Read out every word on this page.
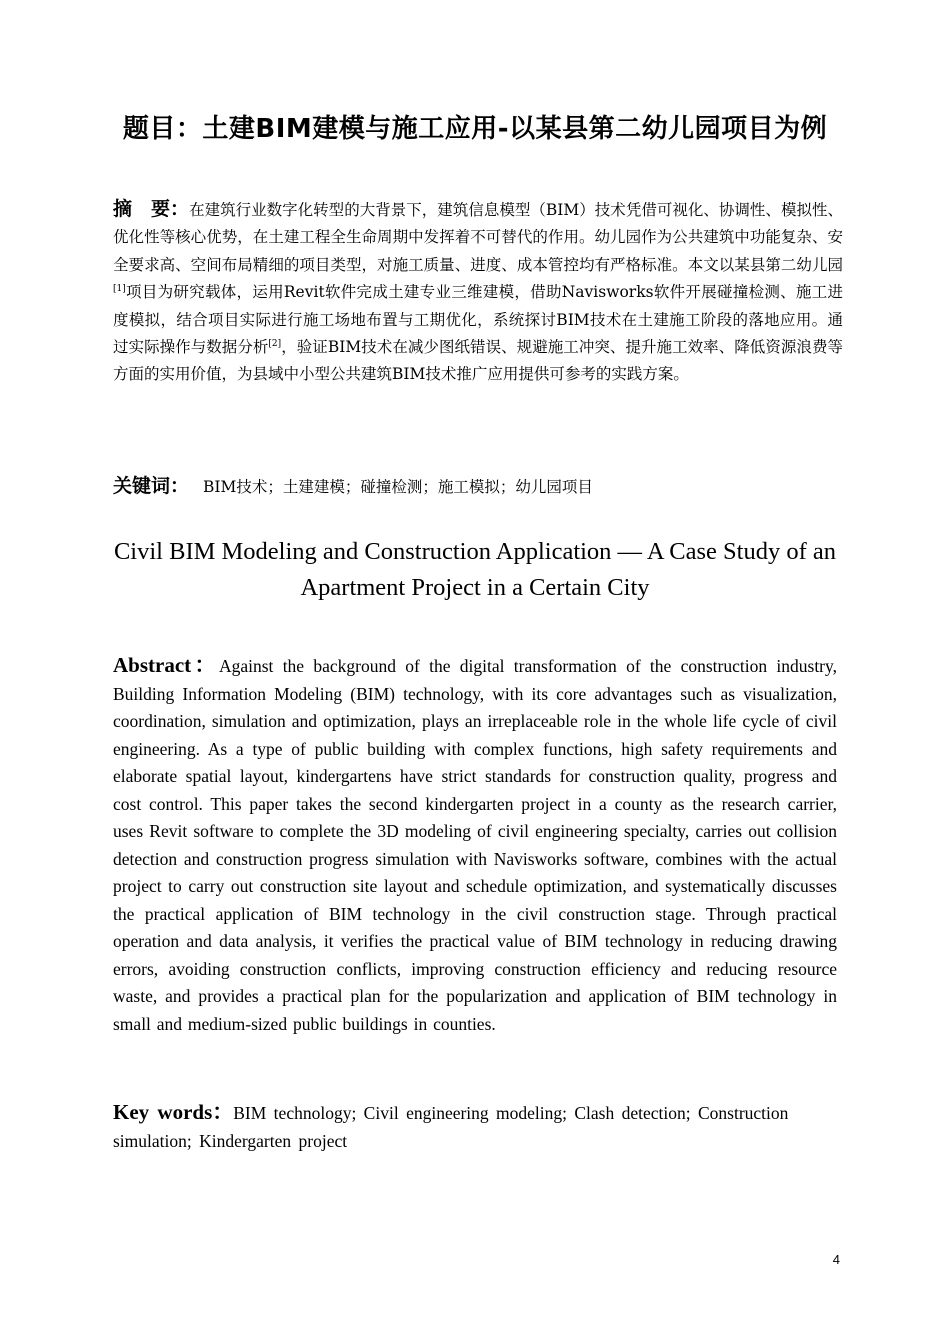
题目：土建BIM建模与施工应用-以某县第二幼儿园项目为例
摘　要：在建筑行业数字化转型的大背景下，建筑信息模型（BIM）技术凭借可视化、协调性、模拟性、优化性等核心优势，在土建工程全生命周期中发挥着不可替代的作用。幼儿园作为公共建筑中功能复杂、安全要求高、空间布局精细的项目类型，对施工质量、进度、成本管控均有严格标准。本文以某县第二幼儿园[1]项目为研究载体，运用Revit软件完成土建专业三维建模，借助Navisworks软件开展碰撞检测、施工进度模拟，结合项目实际进行施工场地布置与工期优化，系统探讨BIM技术在土建施工阶段的落地应用。通过实际操作与数据分析[2]，验证BIM技术在减少图纸错误、规避施工冲突、提升施工效率、降低资源浪费等方面的实用价值，为县域中小型公共建筑BIM技术推广应用提供可参考的实践方案。
关键词： BIM技术；土建建模；碰撞检测；施工模拟；幼儿园项目
Civil BIM Modeling and Construction Application — A Case Study of an Apartment Project in a Certain City
Abstract：Against the background of the digital transformation of the construction industry, Building Information Modeling (BIM) technology, with its core advantages such as visualization, coordination, simulation and optimization, plays an irreplaceable role in the whole life cycle of civil engineering. As a type of public building with complex functions, high safety requirements and elaborate spatial layout, kindergartens have strict standards for construction quality, progress and cost control. This paper takes the second kindergarten project in a county as the research carrier, uses Revit software to complete the 3D modeling of civil engineering specialty, carries out collision detection and construction progress simulation with Navisworks software, combines with the actual project to carry out construction site layout and schedule optimization, and systematically discusses the practical application of BIM technology in the civil construction stage. Through practical operation and data analysis, it verifies the practical value of BIM technology in reducing drawing errors, avoiding construction conflicts, improving construction efficiency and reducing resource waste, and provides a practical plan for the popularization and application of BIM technology in small and medium-sized public buildings in counties.
Key words：BIM technology; Civil engineering modeling; Clash detection; Construction simulation; Kindergarten project
4
